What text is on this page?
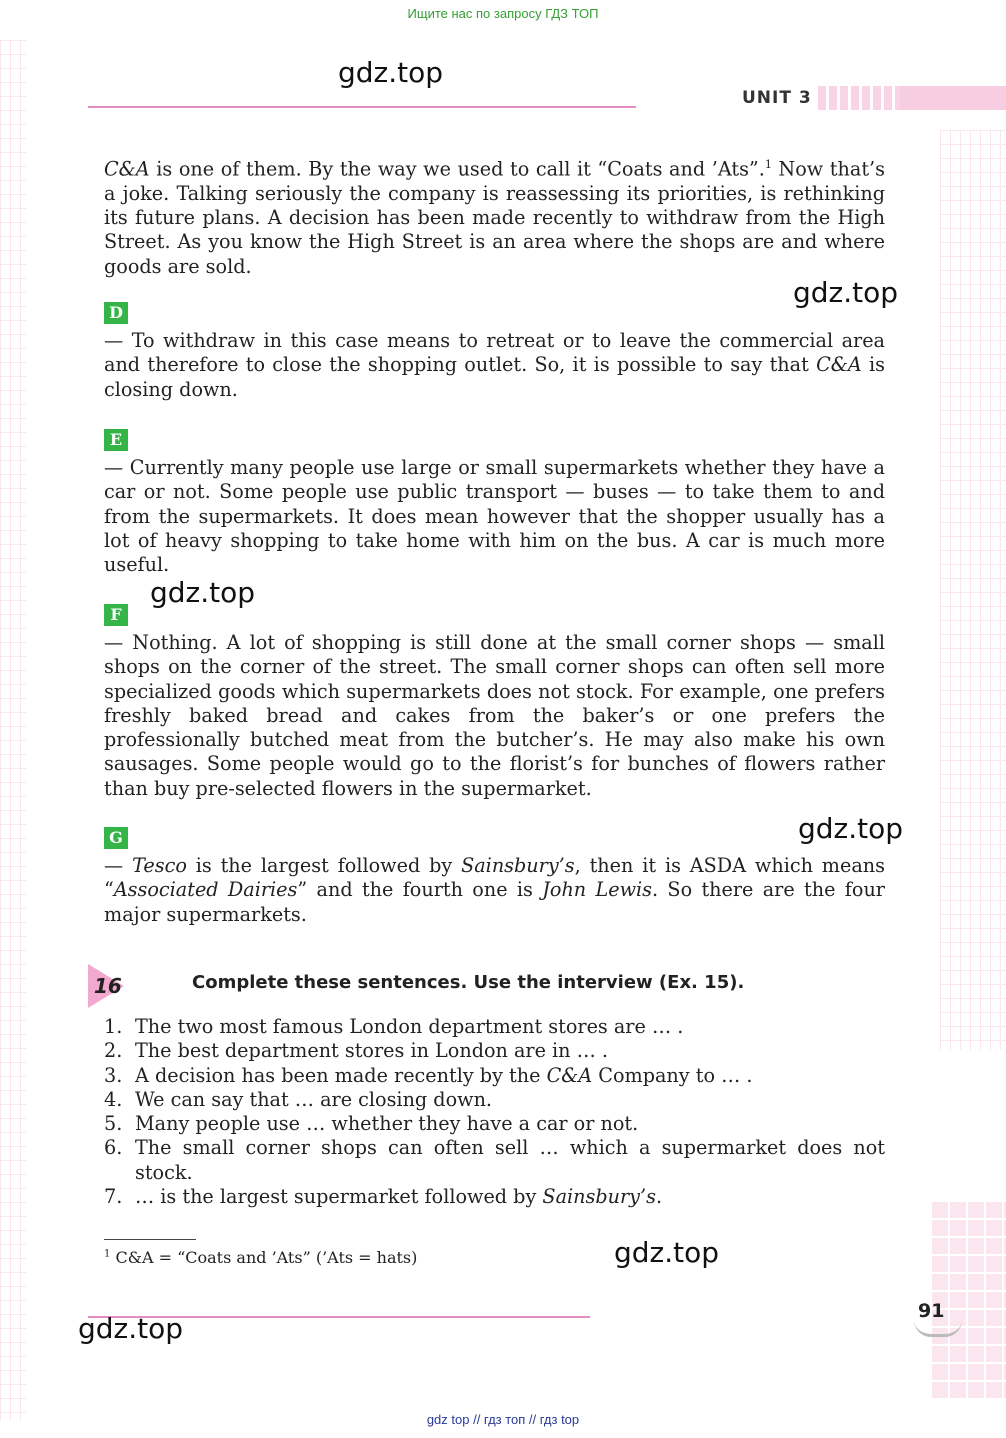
Ищите нас по запросу ГДЗ ТОП
gdz.top
UNIT 3

C&A is one of them. By the way we used to call it “Coats and ’Ats”.$^1$ Now that’s a joke. Talking seriously the company is reassessing its priorities, is rethinking its future plans. A decision has been made recently to withdraw from the High Street. As you know the High Street is an area where the shops are and where goods are sold.

gdz.top
D

— To withdraw in this case means to retreat or to leave the commercial area and therefore to close the shopping outlet. So, it is possible to say that C&A is closing down.

E

— Currently many people use large or small supermarkets whether they have a car or not. Some people use public transport — buses — to take them to and from the supermarkets. It does mean however that the shopper usually has a lot of heavy shopping to take home with him on the bus. A car is much more useful.

gdz.top
F

— Nothing. A lot of shopping is still done at the small corner shops — small shops on the corner of the street. The small corner shops can often sell more specialized goods which supermarkets does not stock. For example, one prefers freshly baked bread and cakes from the baker’s or one prefers the professionally butched meat from the butcher’s. He may also make his own sausages. Some people would go to the florist’s for bunches of flowers rather than buy pre-selected flowers in the supermarket.

gdz.top
G

— Tesco is the largest followed by Sainsbury’s, then it is ASDA which means “Associated Dairies” and the fourth one is John Lewis. So there are the four major supermarkets.

16	Complete these sentences. Use the interview (Ex. 15).
1. The two most famous London department stores are … .
2. The best department stores in London are in … .
3. A decision has been made recently by the C&A Company to … .
4. We can say that … are closing down.
5. Many people use … whether they have a car or not.
6. The small corner shops can often sell … which a supermarket does not stock.
7. … is the largest supermarket followed by Sainsbury’s.
$^1$ C&A = “Coats and ’Ats” (’Ats = hats)	gdz.top
gdz.top
91
gdz top // гдз топ // гдз top
